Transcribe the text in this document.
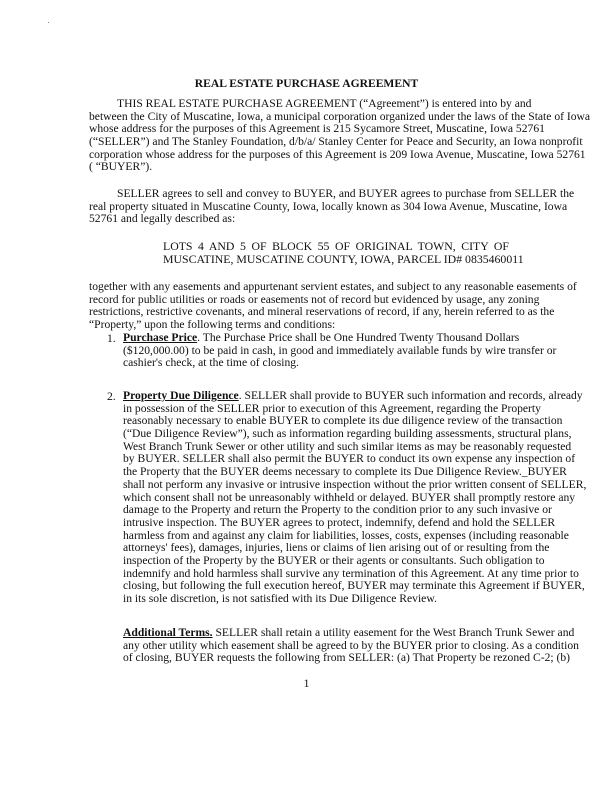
REAL ESTATE PURCHASE AGREEMENT
THIS REAL ESTATE PURCHASE AGREEMENT (“Agreement”) is entered into by and
between the City of Muscatine, Iowa, a municipal corporation organized under the laws of the State of Iowa
whose address for the purposes of this Agreement is 215 Sycamore Street, Muscatine, Iowa 52761
(“SELLER”) and The Stanley Foundation, d/b/a/ Stanley Center for Peace and Security, an Iowa nonprofit
corporation whose address for the purposes of this Agreement is 209 Iowa Avenue, Muscatine, Iowa 52761
( “BUYER”).
SELLER agrees to sell and convey to BUYER, and BUYER agrees to purchase from SELLER the
real property situated in Muscatine County, Iowa, locally known as 304 Iowa Avenue, Muscatine, Iowa
52761 and legally described as:
LOTS 4 AND 5 OF BLOCK 55 OF ORIGINAL TOWN, CITY OF
MUSCATINE, MUSCATINE COUNTY, IOWA, PARCEL ID# 0835460011
together with any easements and appurtenant servient estates, and subject to any reasonable easements of
record for public utilities or roads or easements not of record but evidenced by usage, any zoning
restrictions, restrictive covenants, and mineral reservations of record, if any, herein referred to as the
“Property,” upon the following terms and conditions:
1. Purchase Price. The Purchase Price shall be One Hundred Twenty Thousand Dollars
($120,000.00) to be paid in cash, in good and immediately available funds by wire transfer or
cashier's check, at the time of closing.
2. Property Due Diligence. SELLER shall provide to BUYER such information and records, already
in possession of the SELLER prior to execution of this Agreement, regarding the Property
reasonably necessary to enable BUYER to complete its due diligence review of the transaction
(“Due Diligence Review”), such as information regarding building assessments, structural plans,
West Branch Trunk Sewer or other utility and such similar items as may be reasonably requested
by BUYER. SELLER shall also permit the BUYER to conduct its own expense any inspection of
the Property that the BUYER deems necessary to complete its Due Diligence Review._BUYER
shall not perform any invasive or intrusive inspection without the prior written consent of SELLER,
which consent shall not be unreasonably withheld or delayed. BUYER shall promptly restore any
damage to the Property and return the Property to the condition prior to any such invasive or
intrusive inspection. The BUYER agrees to protect, indemnify, defend and hold the SELLER
harmless from and against any claim for liabilities, losses, costs, expenses (including reasonable
attorneys' fees), damages, injuries, liens or claims of lien arising out of or resulting from the
inspection of the Property by the BUYER or their agents or consultants. Such obligation to
indemnify and hold harmless shall survive any termination of this Agreement. At any time prior to
closing, but following the full execution hereof, BUYER may terminate this Agreement if BUYER,
in its sole discretion, is not satisfied with its Due Diligence Review.
Additional Terms. SELLER shall retain a utility easement for the West Branch Trunk Sewer and
any other utility which easement shall be agreed to by the BUYER prior to closing. As a condition
of closing, BUYER requests the following from SELLER: (a) That Property be rezoned C-2; (b)
1
